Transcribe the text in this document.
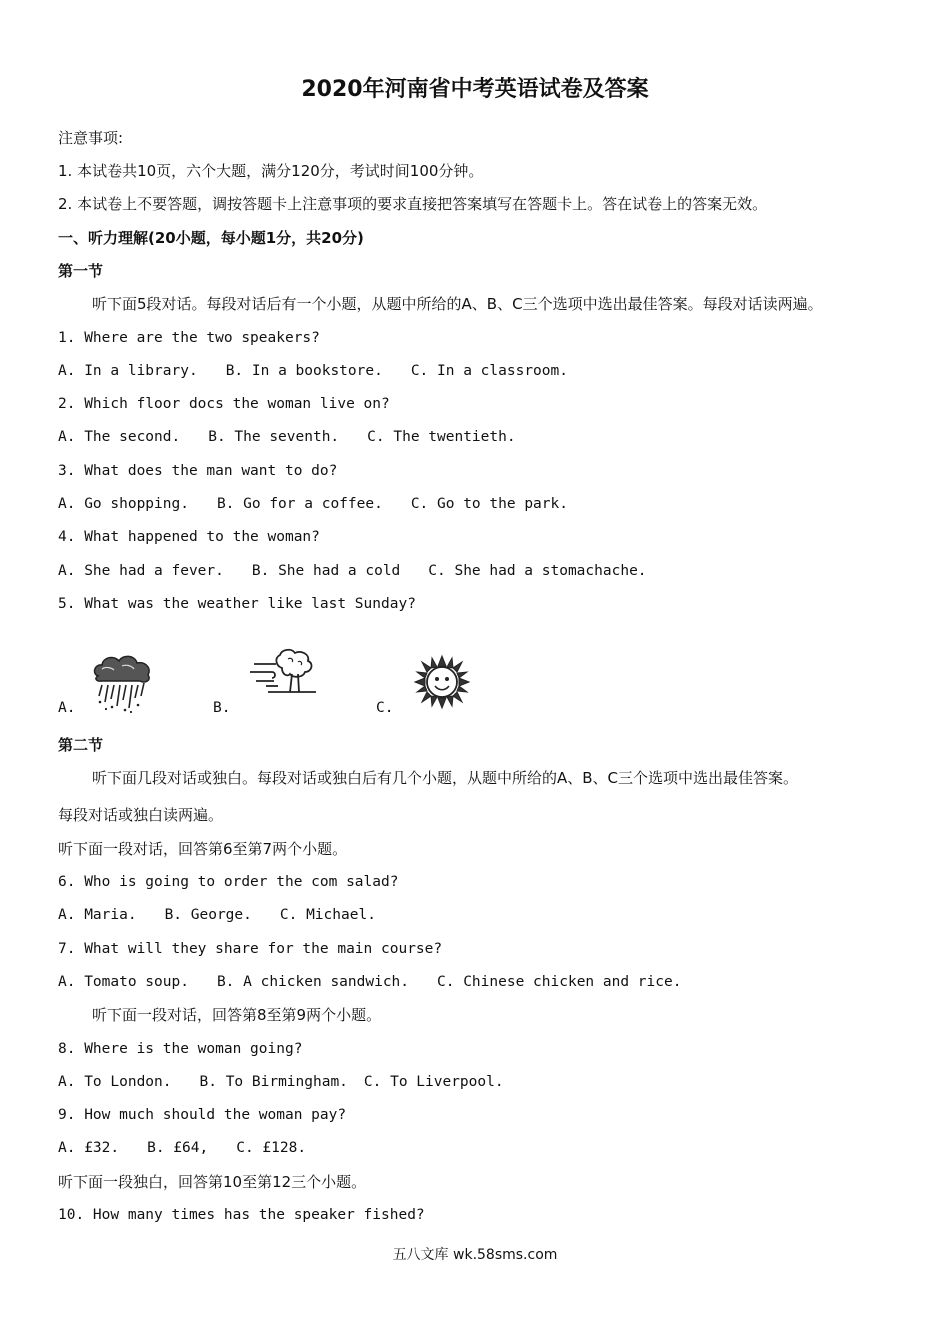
2020年河南省中考英语试卷及答案

注意事项:

1. 本试卷共10页，六个大题，满分120分，考试时间100分钟。

2. 本试卷上不要答题，调按答题卡上注意事项的要求直接把答案填写在答题卡上。答在试卷上的答案无效。

一、听力理解(20小题，每小题1分，共20分)

第一节

听下面5段对话。每段对话后有一个小题，从题中所给的A、B、C三个选项中选出最佳答案。每段对话读两遍。

1. Where are the two speakers?

A. In a library. B. In a bookstore. C. In a classroom.

2. Which floor docs the woman live on?

A. The second. B. The seventh. C. The twentieth.

3. What does the man want to do?

A. Go shopping. B. Go for a coffee. C. Go to the park.

4. What happened to the woman?

A. She had a fever. B. She had a cold C. She had a stomachache.

5. What was the weather like last Sunday?

A.	B.	C.

第二节

听下面几段对话或独白。每段对话或独白后有几个小题，从题中所给的A、B、C三个选项中选出最佳答案。

每段对话或独白读两遍。

听下面一段对话，回答第6至第7两个小题。

6. Who is going to order the com salad?

A. Maria. B. George. C. Michael.

7. What will they share for the main course?

A. Tomato soup. B. A chicken sandwich. C. Chinese chicken and rice.

听下面一段对话，回答第8至第9两个小题。

8. Where is the woman going?

A. To London. B. To Birmingham. C. To Liverpool.

9. How much should the woman pay?

A. £32. B. £64, C. £128.

听下面一段独白，回答第10至第12三个小题。

10. How many times has the speaker fished?

五八文库 wk.58sms.com
